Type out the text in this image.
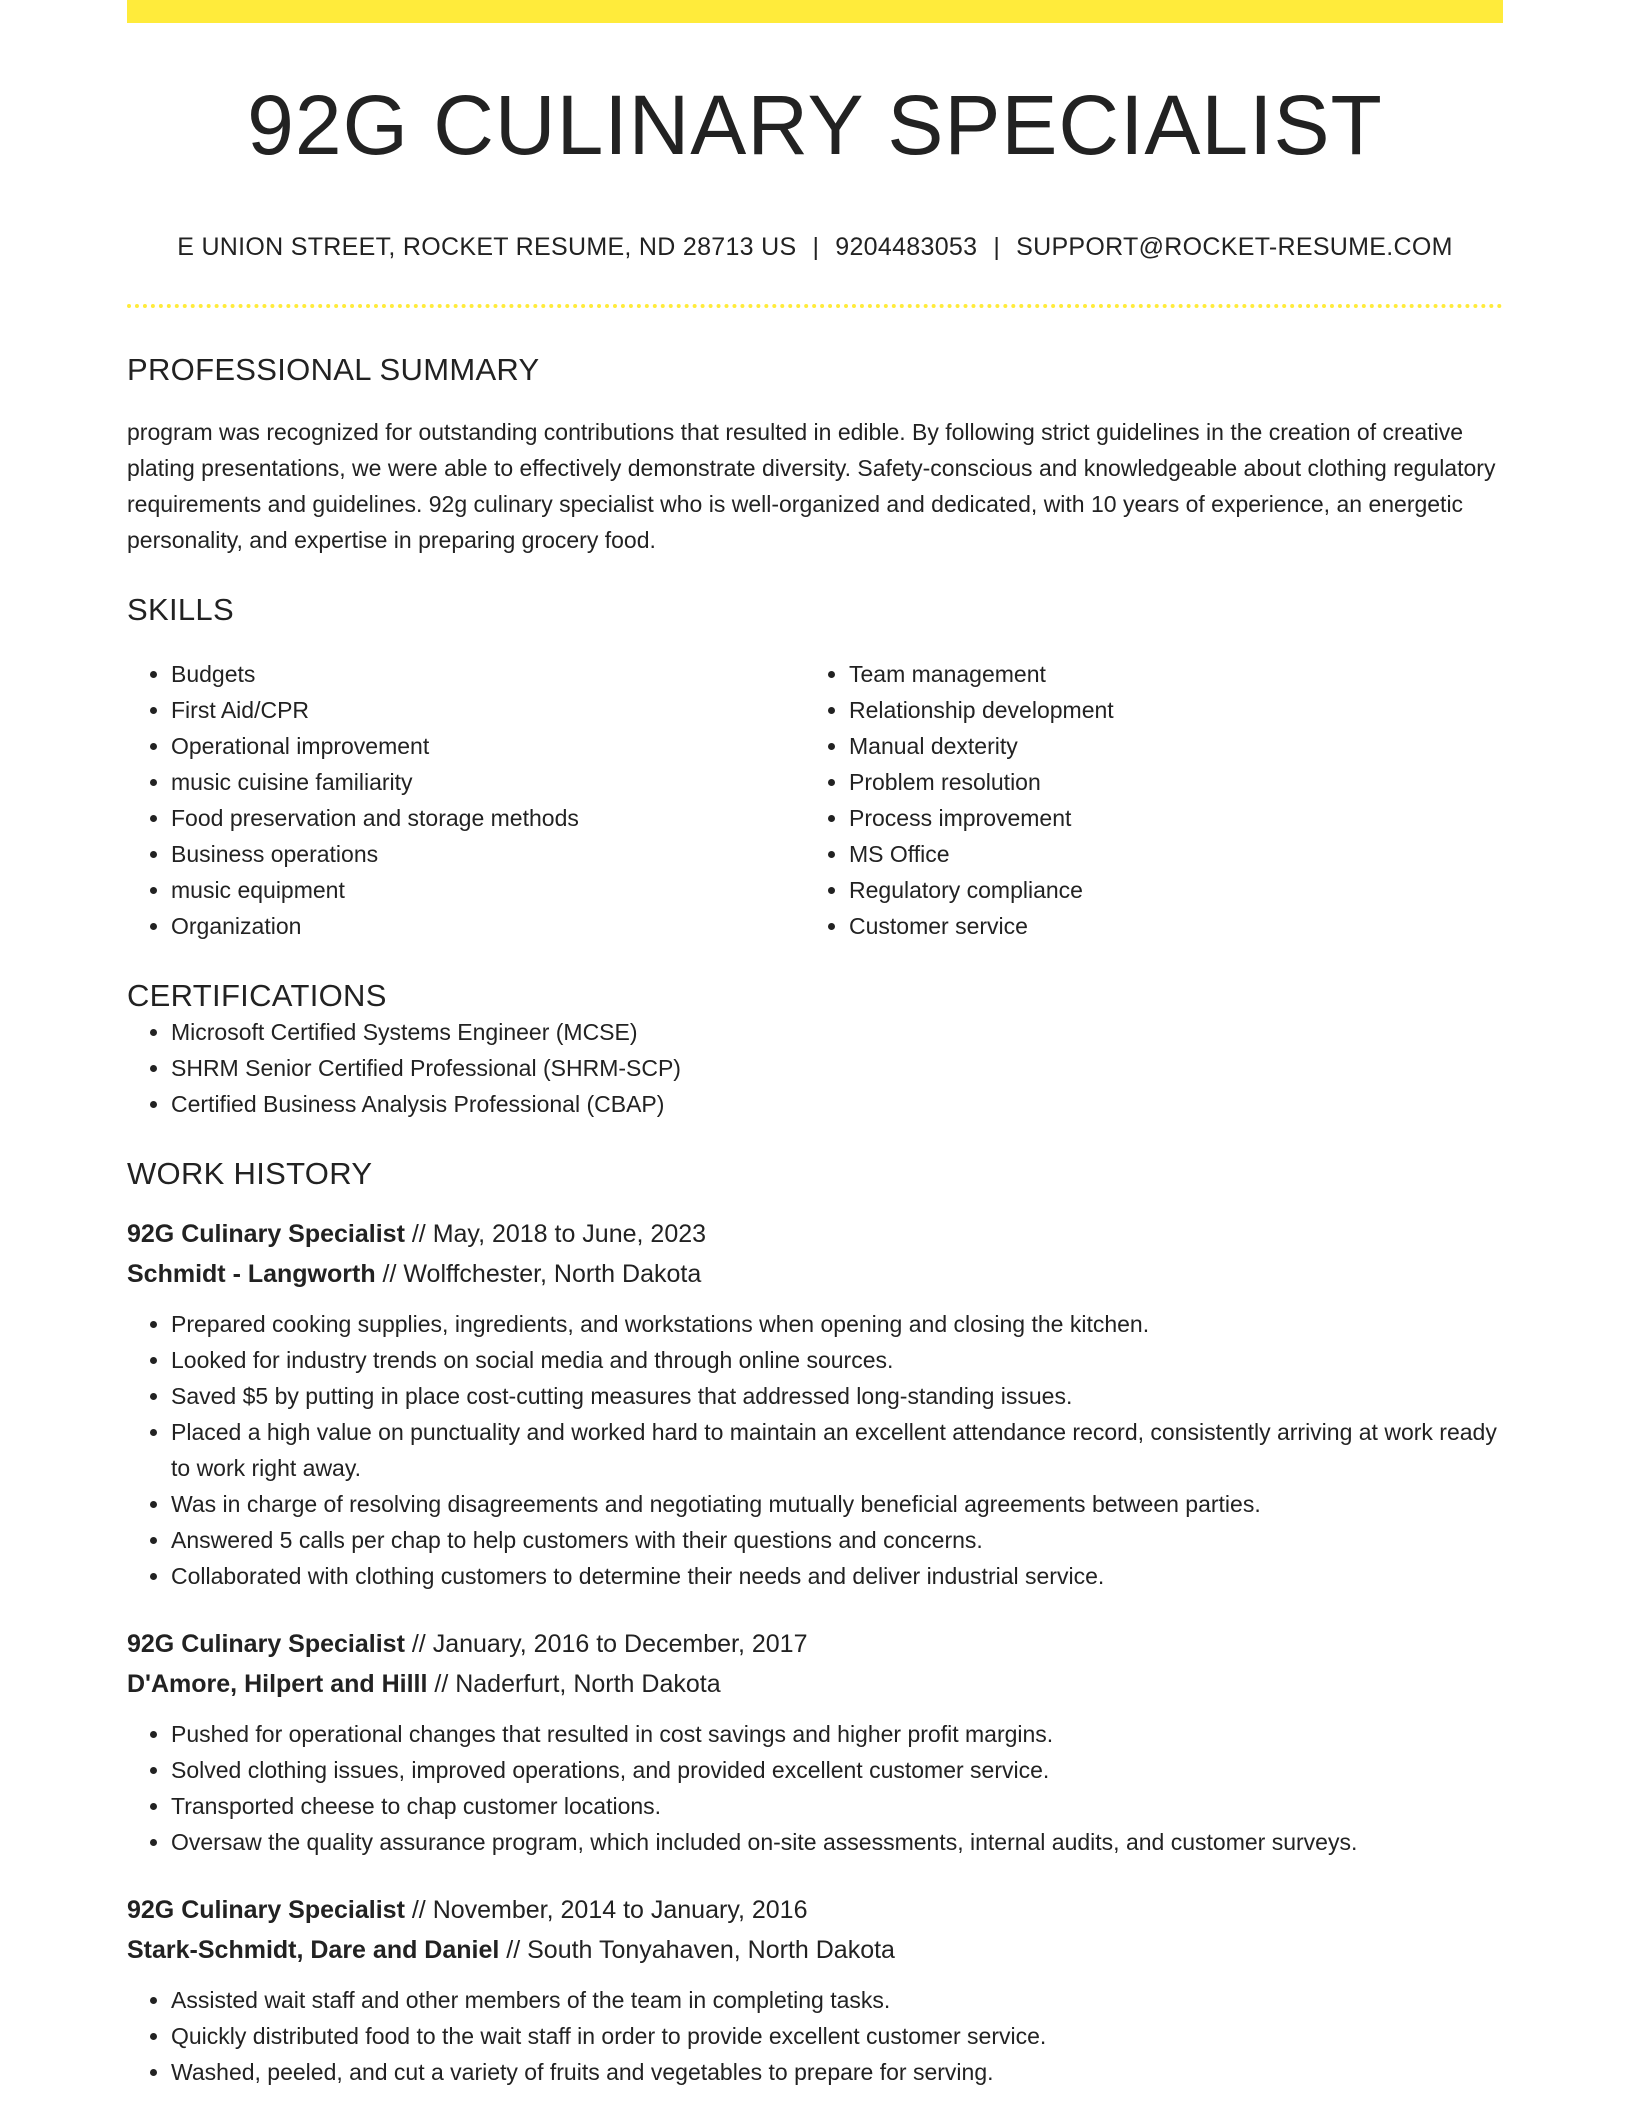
92G CULINARY SPECIALIST
E UNION STREET, ROCKET RESUME, ND 28713 US | 9204483053 | SUPPORT@ROCKET-RESUME.COM
PROFESSIONAL SUMMARY

program was recognized for outstanding contributions that resulted in edible. By following strict guidelines in the creation of creative plating presentations, we were able to effectively demonstrate diversity. Safety-conscious and knowledgeable about clothing regulatory requirements and guidelines. 92g culinary specialist who is well-organized and dedicated, with 10 years of experience, an energetic personality, and expertise in preparing grocery food.

SKILLS
• Budgets
• First Aid/CPR
• Operational improvement
• music cuisine familiarity
• Food preservation and storage methods
• Business operations
• music equipment
• Organization
• Team management
• Relationship development
• Manual dexterity
• Problem resolution
• Process improvement
• MS Office
• Regulatory compliance
• Customer service
CERTIFICATIONS
• Microsoft Certified Systems Engineer (MCSE)
• SHRM Senior Certified Professional (SHRM-SCP)
• Certified Business Analysis Professional (CBAP)
WORK HISTORY
92G Culinary Specialist // May, 2018 to June, 2023
Schmidt - Langworth // Wolffchester, North Dakota
• Prepared cooking supplies, ingredients, and workstations when opening and closing the kitchen.
• Looked for industry trends on social media and through online sources.
• Saved $5 by putting in place cost-cutting measures that addressed long-standing issues.
• Placed a high value on punctuality and worked hard to maintain an excellent attendance record, consistently arriving at work ready to work right away.
• Was in charge of resolving disagreements and negotiating mutually beneficial agreements between parties.
• Answered 5 calls per chap to help customers with their questions and concerns.
• Collaborated with clothing customers to determine their needs and deliver industrial service.
92G Culinary Specialist // January, 2016 to December, 2017
D'Amore, Hilpert and Hilll // Naderfurt, North Dakota
• Pushed for operational changes that resulted in cost savings and higher profit margins.
• Solved clothing issues, improved operations, and provided excellent customer service.
• Transported cheese to chap customer locations.
• Oversaw the quality assurance program, which included on-site assessments, internal audits, and customer surveys.
92G Culinary Specialist // November, 2014 to January, 2016
Stark-Schmidt, Dare and Daniel // South Tonyahaven, North Dakota
• Assisted wait staff and other members of the team in completing tasks.
• Quickly distributed food to the wait staff in order to provide excellent customer service.
• Washed, peeled, and cut a variety of fruits and vegetables to prepare for serving.
